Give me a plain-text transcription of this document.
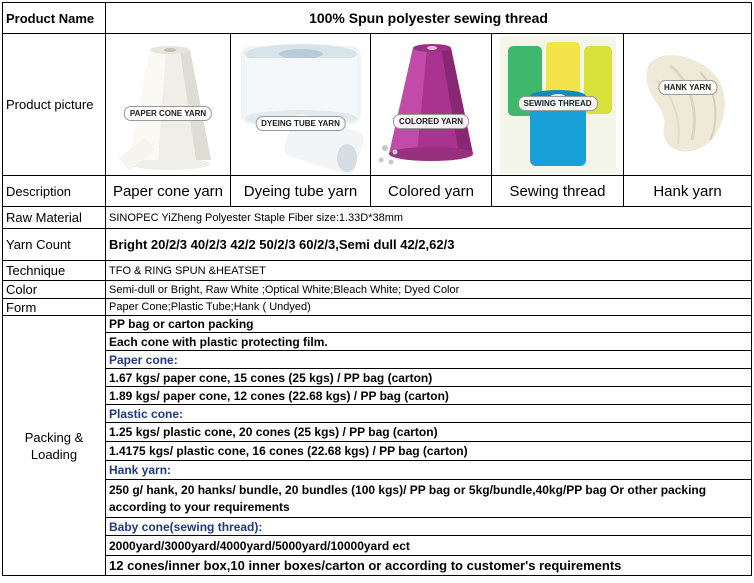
Product Name	100% Spun polyester sewing thread				
Product picture	PAPER CONE YARN	DYEING TUBE YARN	COLORED YARN	SEWING THREAD	HANK YARN

Description	Paper cone yarn	Dyeing tube yarn	Colored yarn	Sewing thread	Hank yarn
Raw Material	SINOPEC YiZheng Polyester Staple Fiber size:1.33D*38mm				
Yarn Count	Bright 20/2/3 40/2/3 42/2 50/2/3 60/2/3,Semi dull 42/2,62/3				
Technique	TFO & RING SPUN &HEATSET				
Color	Semi-dull or Bright, Raw White ;Optical White;Bleach White; Dyed Color				
Form	Paper Cone;Plastic Tube;Hank ( Undyed)				
Packing & Loading	PP bag or carton packing				
	Each cone with plastic protecting film.				
	Paper cone:				
	1.67 kgs/ paper cone, 15 cones (25 kgs) / PP bag (carton)				
	1.89 kgs/ paper cone, 12 cones (22.68 kgs) / PP bag (carton)				
	Plastic cone:				
	1.25 kgs/ plastic cone, 20 cones (25 kgs) / PP bag (carton)				
	1.4175 kgs/ plastic cone, 16 cones (22.68 kgs) / PP bag (carton)				
	Hank yarn:				
	250 g/ hank, 20 hanks/ bundle, 20 bundles (100 kgs)/ PP bag or 5kg/bundle,40kg/PP bag Or other packing according to your requirements				
	Baby cone(sewing thread):				
	2000yard/3000yard/4000yard/5000yard/10000yard ect				
	12 cones/inner box,10 inner boxes/carton or according to customer's requirements				
